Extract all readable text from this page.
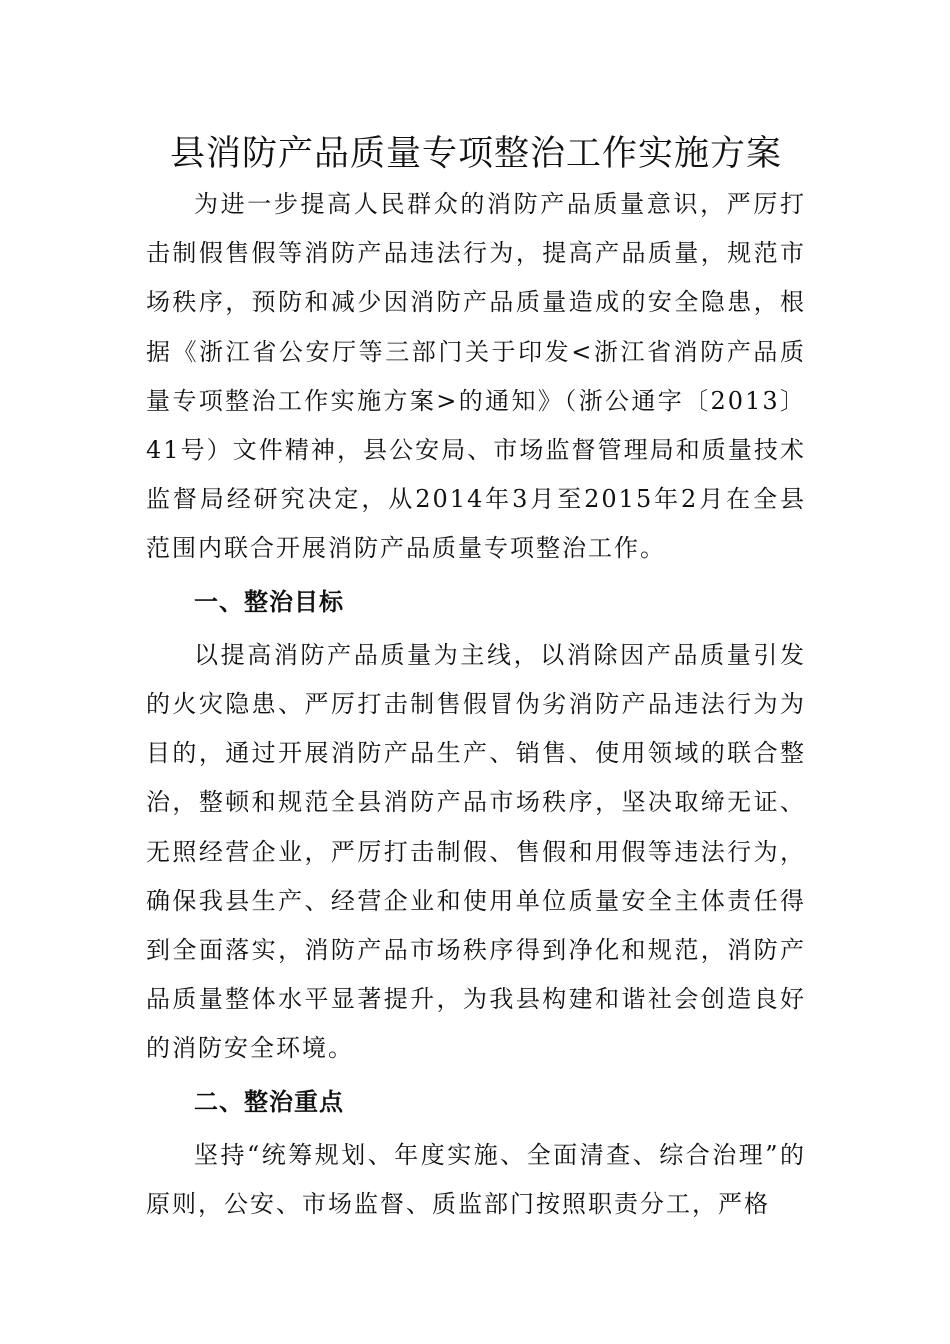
县消防产品质量专项整治工作实施方案

为进一步提高人民群众的消防产品质量意识，严厉打击制假售假等消防产品违法行为，提高产品质量，规范市场秩序，预防和减少因消防产品质量造成的安全隐患，根据《浙江省公安厅等三部门关于印发<浙江省消防产品质量专项整治工作实施方案>的通知》（浙公通字〔2013〕41号）文件精神，县公安局、市场监督管理局和质量技术监督局经研究决定，从2014年3月至2015年2月在全县范围内联合开展消防产品质量专项整治工作。

一、整治目标

以提高消防产品质量为主线，以消除因产品质量引发的火灾隐患、严厉打击制售假冒伪劣消防产品违法行为为目的，通过开展消防产品生产、销售、使用领域的联合整治，整顿和规范全县消防产品市场秩序，坚决取缔无证、无照经营企业，严厉打击制假、售假和用假等违法行为，确保我县生产、经营企业和使用单位质量安全主体责任得到全面落实，消防产品市场秩序得到净化和规范，消防产品质量整体水平显著提升，为我县构建和谐社会创造良好的消防安全环境。

二、整治重点

坚持“统筹规划、年度实施、全面清查、综合治理”的原则，公安、市场监督、质监部门按照职责分工，严格
